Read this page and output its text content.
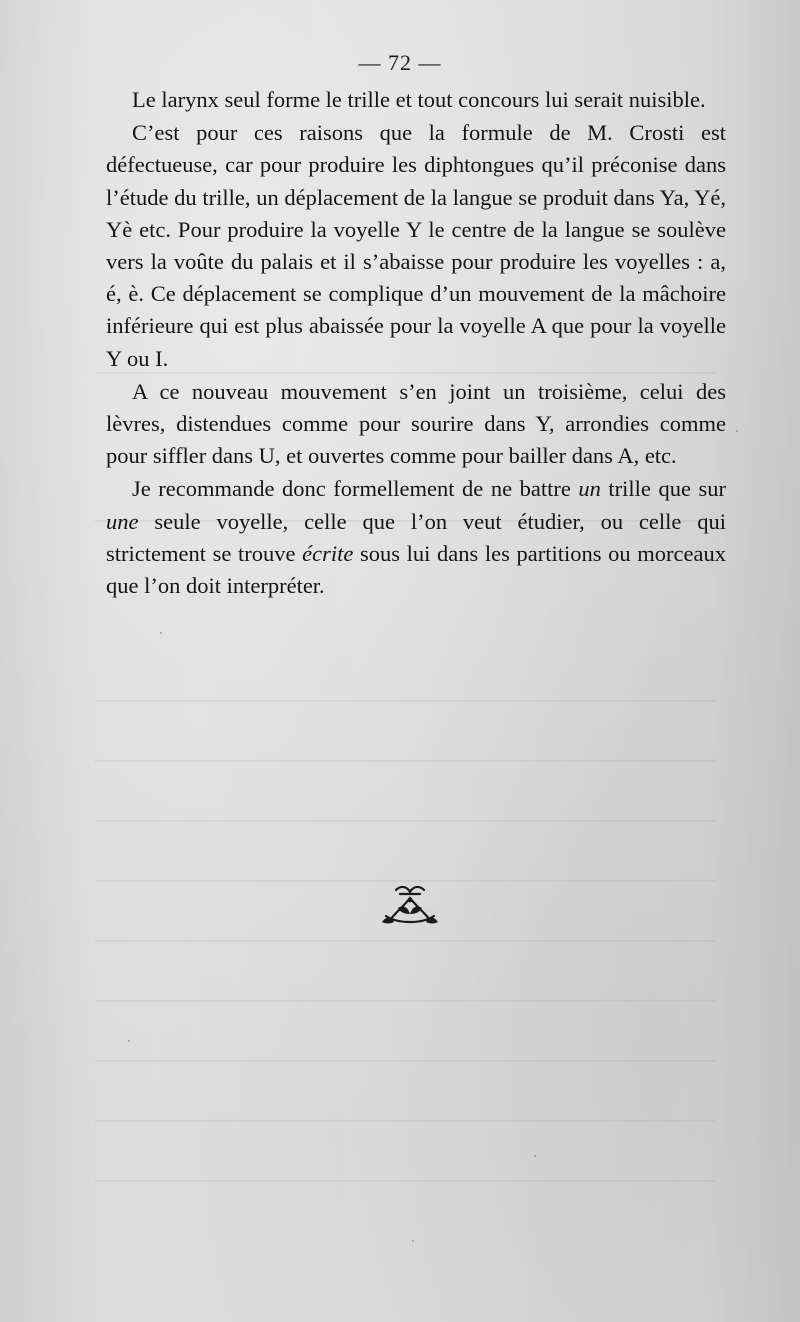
— 72 —

Le larynx seul forme le trille et tout concours lui serait nuisible.

C’est pour ces raisons que la formule de M. Crosti est défectueuse, car pour produire les diphtongues qu’il préconise dans l’étude du trille, un déplacement de la langue se produit dans Ya, Yé, Yè etc. Pour produire la voyelle Y le centre de la langue se soulève vers la voûte du palais et il s’abaisse pour produire les voyelles : a, é, è. Ce déplacement se complique d’un mouvement de la mâchoire inférieure qui est plus abaissée pour la voyelle A que pour la voyelle Y ou I.

A ce nouveau mouvement s’en joint un troisième, celui des lèvres, distendues comme pour sourire dans Y, arrondies comme pour siffler dans U, et ouvertes comme pour bailler dans A, etc.

Je recommande donc formellement de ne battre un trille que sur une seule voyelle, celle que l’on veut étudier, ou celle qui strictement se trouve écrite sous lui dans les partitions ou morceaux que l’on doit interpréter.
